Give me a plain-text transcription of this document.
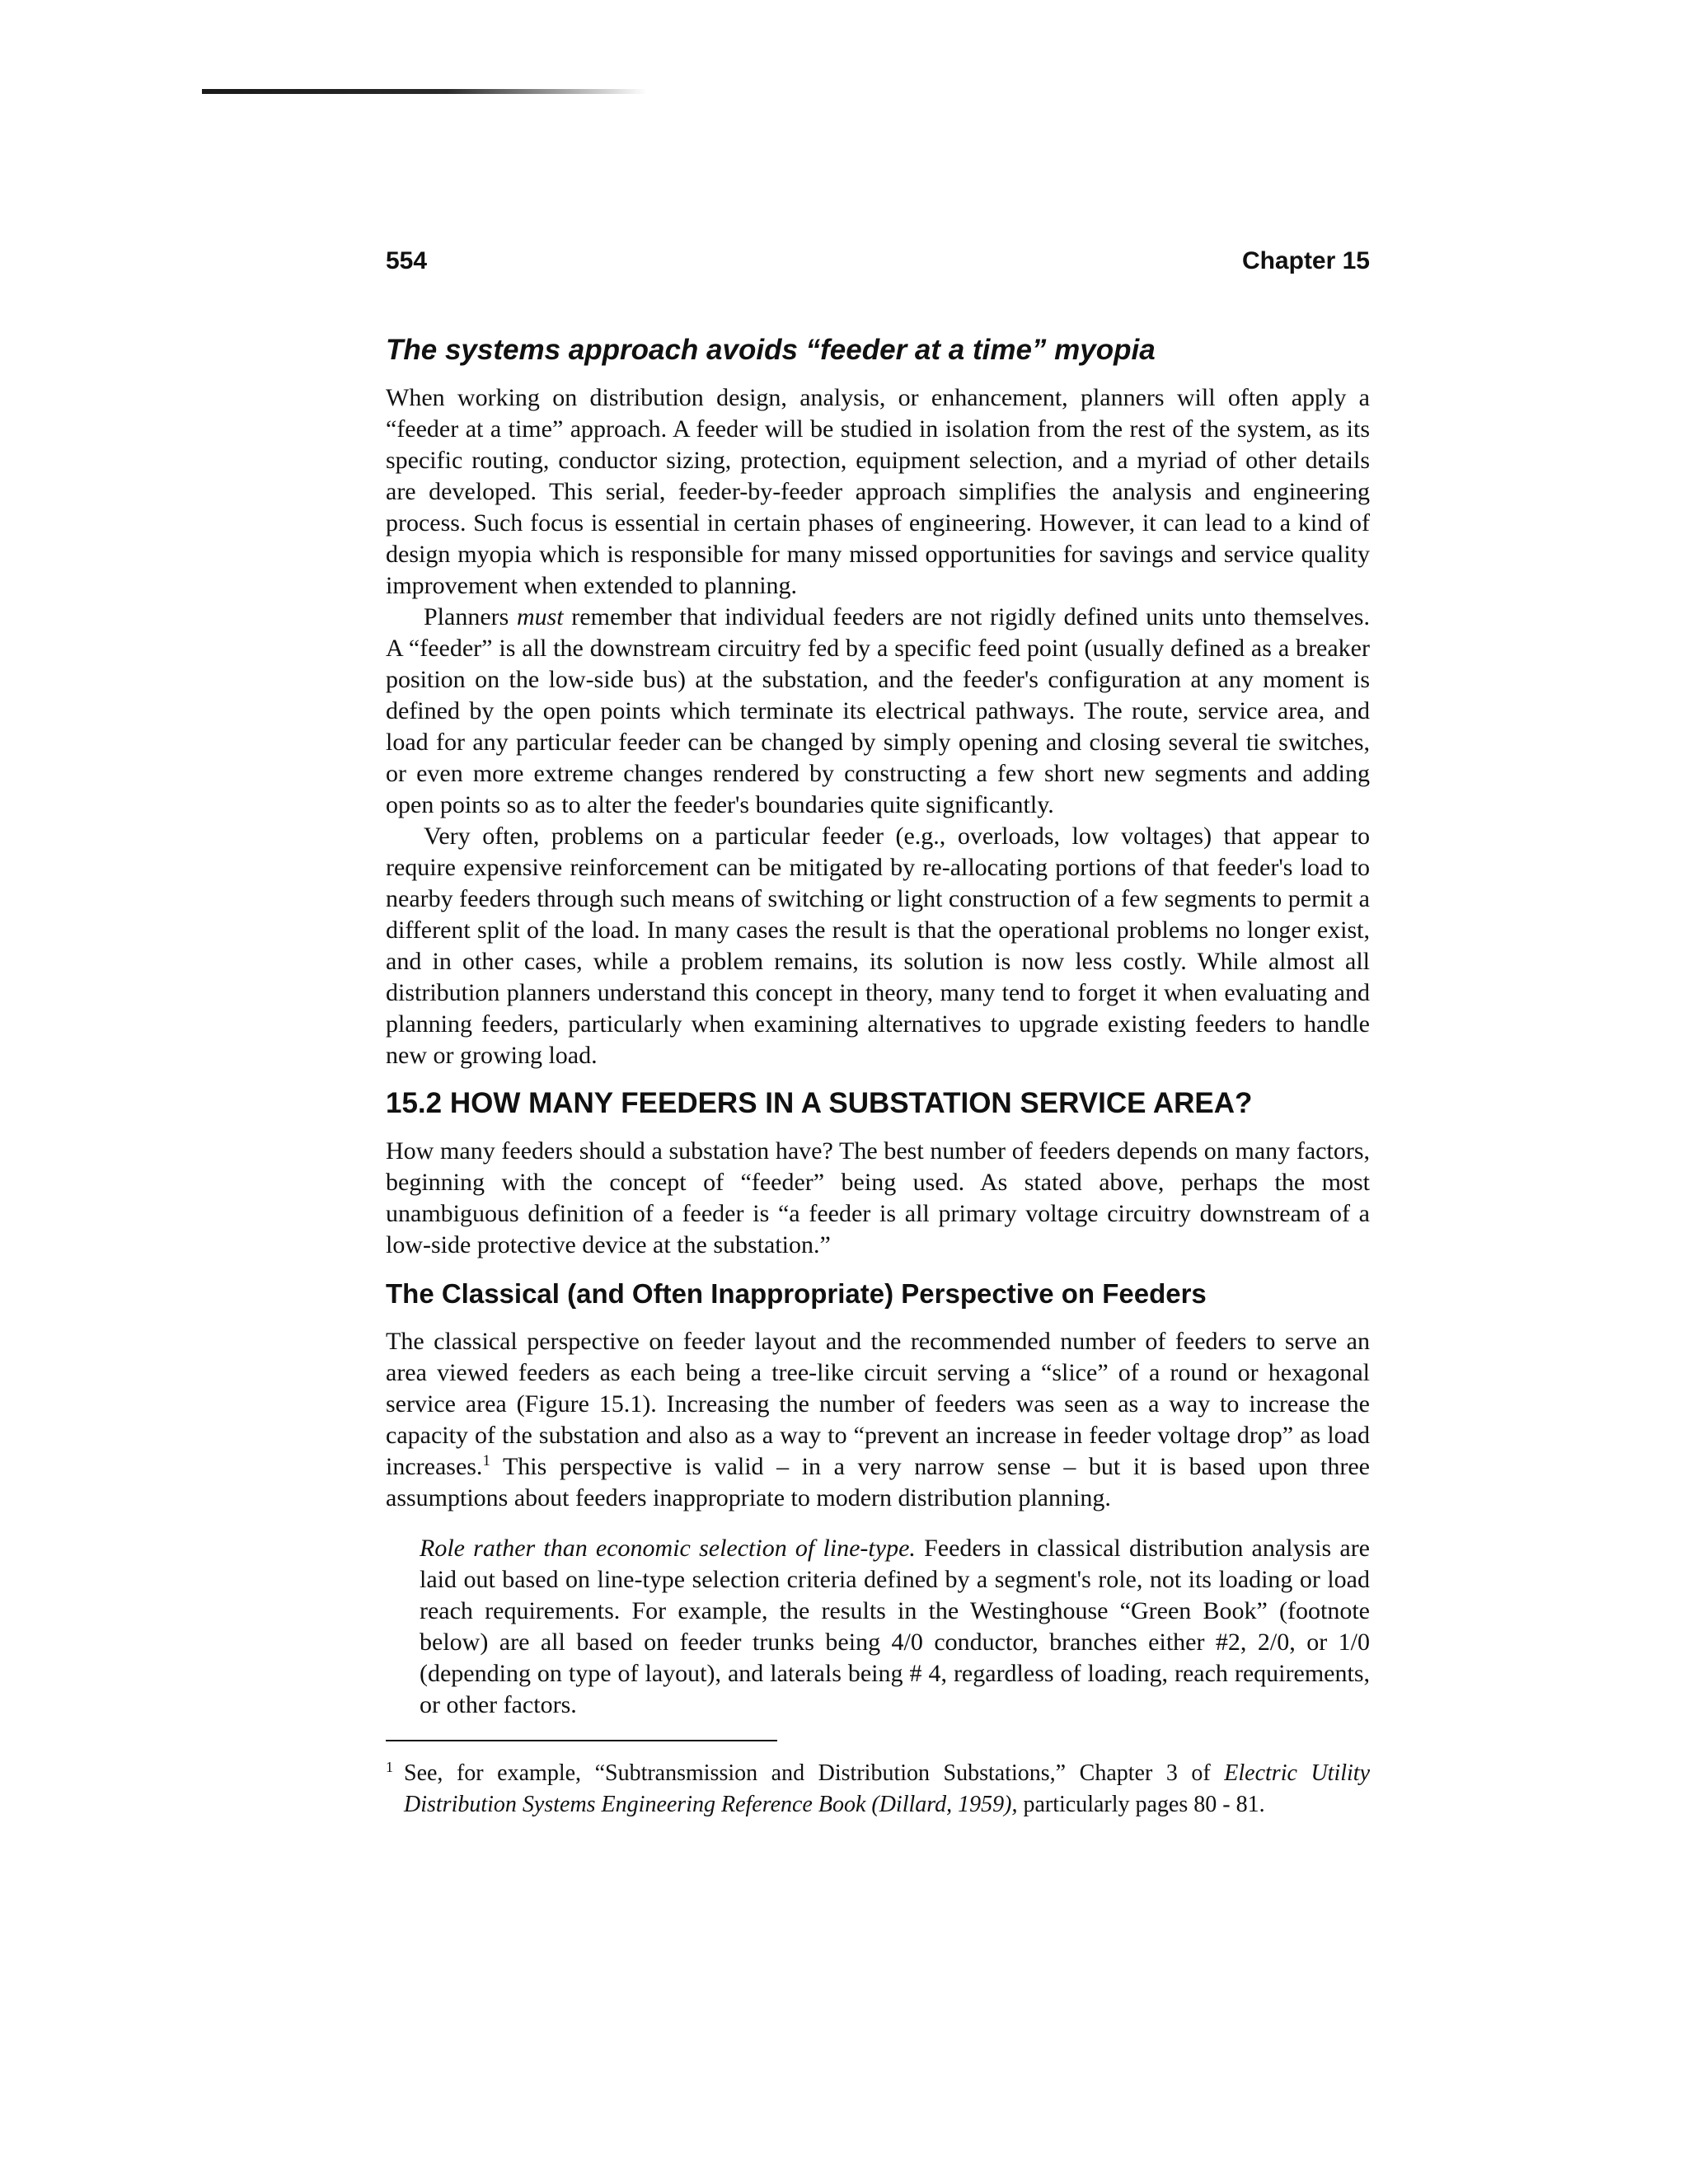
554	Chapter 15
The systems approach avoids “feeder at a time” myopia

When working on distribution design, analysis, or enhancement, planners will often apply a “feeder at a time” approach. A feeder will be studied in isolation from the rest of the system, as its specific routing, conductor sizing, protection, equipment selection, and a myriad of other details are developed. This serial, feeder-by-feeder approach simplifies the analysis and engineering process. Such focus is essential in certain phases of engineering. However, it can lead to a kind of design myopia which is responsible for many missed opportunities for savings and service quality improvement when extended to planning.

Planners must remember that individual feeders are not rigidly defined units unto themselves. A “feeder” is all the downstream circuitry fed by a specific feed point (usually defined as a breaker position on the low-side bus) at the substation, and the feeder's configuration at any moment is defined by the open points which terminate its electrical pathways. The route, service area, and load for any particular feeder can be changed by simply opening and closing several tie switches, or even more extreme changes rendered by constructing a few short new segments and adding open points so as to alter the feeder's boundaries quite significantly.

Very often, problems on a particular feeder (e.g., overloads, low voltages) that appear to require expensive reinforcement can be mitigated by re-allocating portions of that feeder's load to nearby feeders through such means of switching or light construction of a few segments to permit a different split of the load. In many cases the result is that the operational problems no longer exist, and in other cases, while a problem remains, its solution is now less costly. While almost all distribution planners understand this concept in theory, many tend to forget it when evaluating and planning feeders, particularly when examining alternatives to upgrade existing feeders to handle new or growing load.

15.2 HOW MANY FEEDERS IN A SUBSTATION SERVICE AREA?

How many feeders should a substation have? The best number of feeders depends on many factors, beginning with the concept of “feeder” being used. As stated above, perhaps the most unambiguous definition of a feeder is “a feeder is all primary voltage circuitry downstream of a low-side protective device at the substation.”

The Classical (and Often Inappropriate) Perspective on Feeders

The classical perspective on feeder layout and the recommended number of feeders to serve an area viewed feeders as each being a tree-like circuit serving a “slice” of a round or hexagonal service area (Figure 15.1). Increasing the number of feeders was seen as a way to increase the capacity of the substation and also as a way to “prevent an increase in feeder voltage drop” as load increases.$^1$ This perspective is valid – in a very narrow sense – but it is based upon three assumptions about feeders inappropriate to modern distribution planning.

Role rather than economic selection of line-type. Feeders in classical distribution analysis are laid out based on line-type selection criteria defined by a segment's role, not its loading or load reach requirements. For example, the results in the Westinghouse “Green Book” (footnote below) are all based on feeder trunks being 4/0 conductor, branches either #2, 2/0, or 1/0 (depending on type of layout), and laterals being # 4, regardless of loading, reach requirements, or other factors.

1 See, for example, “Subtransmission and Distribution Substations,” Chapter 3 of Electric Utility Distribution Systems Engineering Reference Book (Dillard, 1959), particularly pages 80 - 81.
